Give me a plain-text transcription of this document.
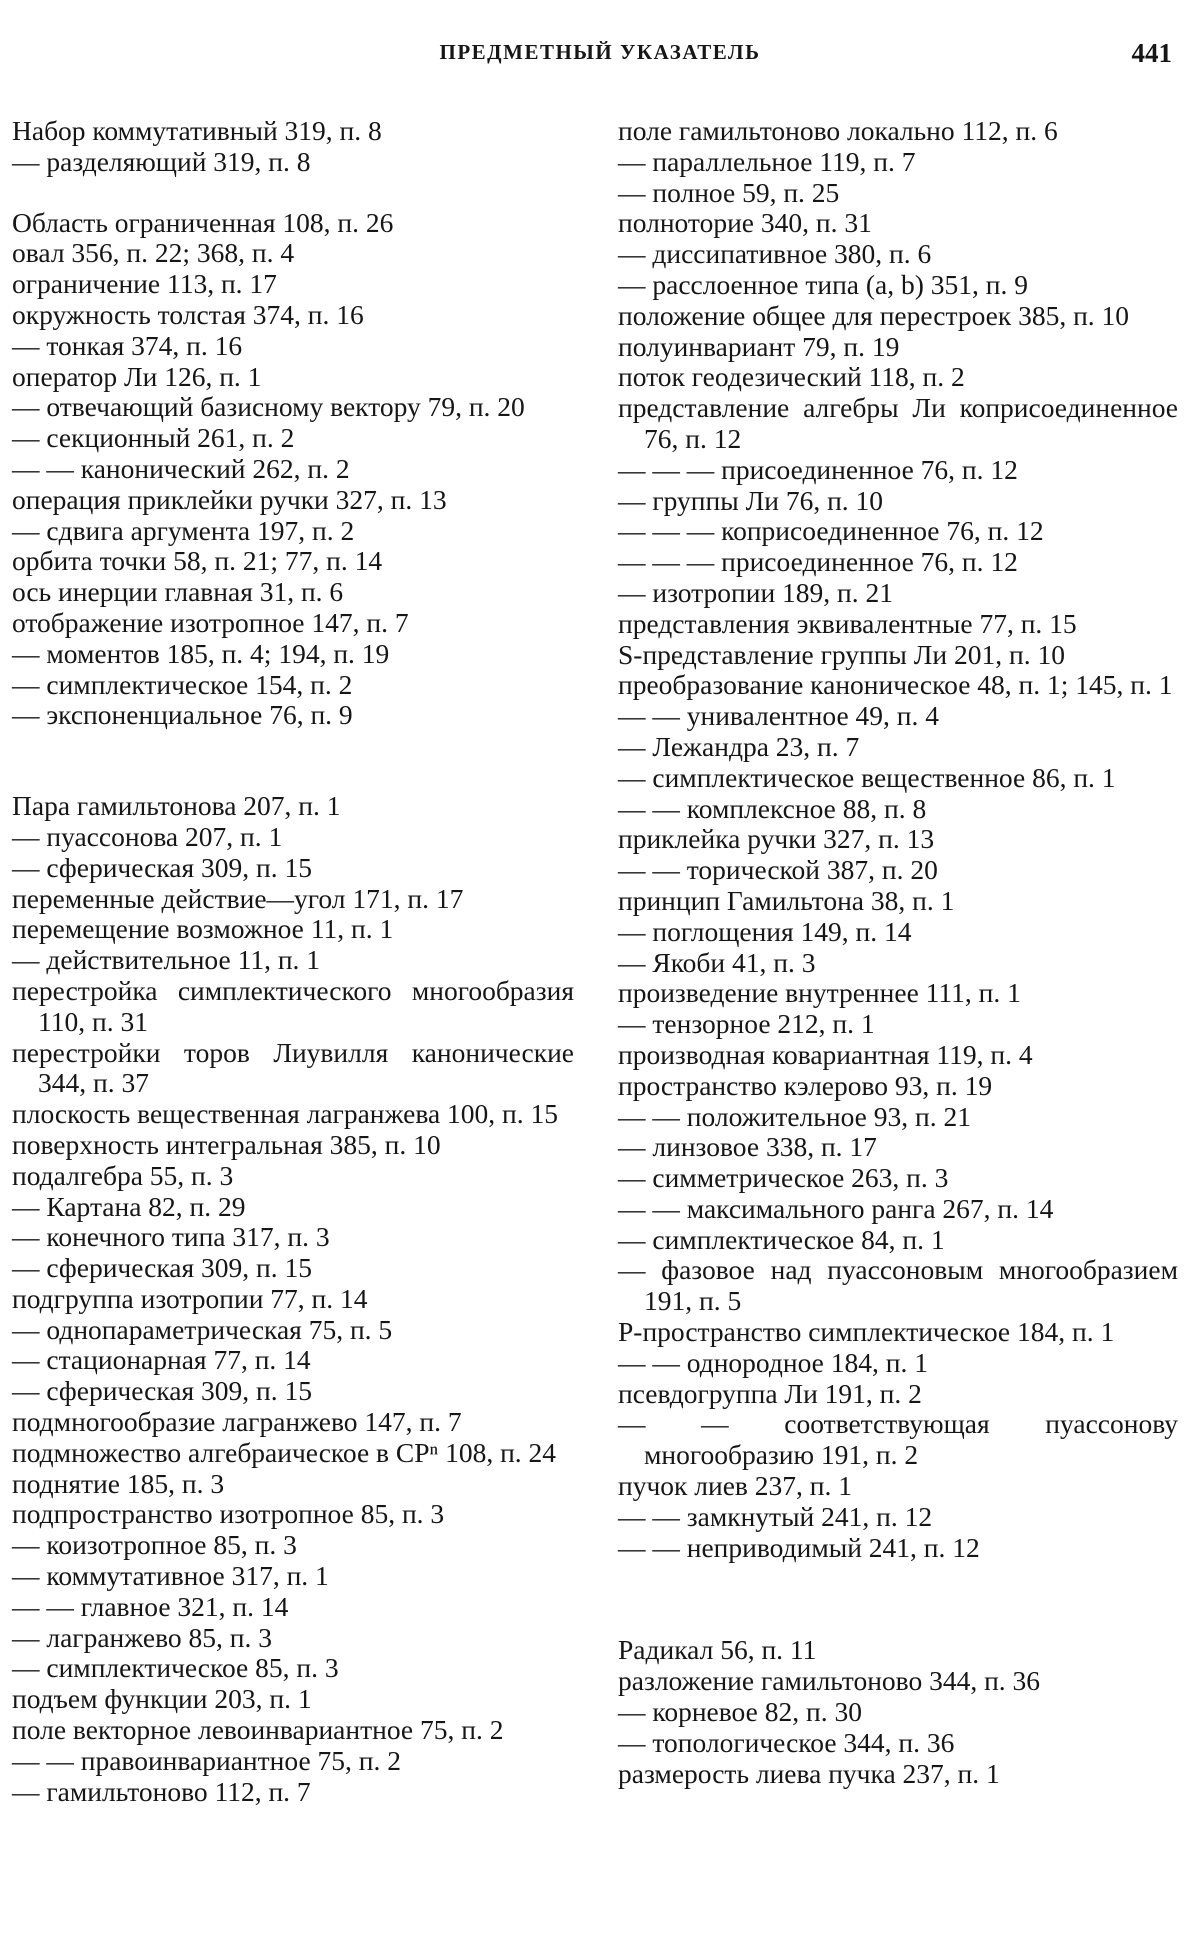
ПРЕДМЕТНЫЙ УКАЗАТЕЛЬ	441
Набор коммутативный 319, п. 8
— разделяющий 319, п. 8
Область ограниченная 108, п. 26
овал 356, п. 22; 368, п. 4
ограничение 113, п. 17
окружность толстая 374, п. 16
— тонкая 374, п. 16
оператор Ли 126, п. 1
— отвечающий базисному вектору 79, п. 20
— секционный 261, п. 2
— — канонический 262, п. 2
операция приклейки ручки 327, п. 13
— сдвига аргумента 197, п. 2
орбита точки 58, п. 21; 77, п. 14
ось инерции главная 31, п. 6
отображение изотропное 147, п. 7
— моментов 185, п. 4; 194, п. 19
— симплектическое 154, п. 2
— экспоненциальное 76, п. 9
Пара гамильтонова 207, п. 1
— пуассонова 207, п. 1
— сферическая 309, п. 15
переменные действие—угол 171, п. 17
перемещение возможное 11, п. 1
— действительное 11, п. 1
перестройка симплектического многообразия 110, п. 31
перестройки торов Лиувилля канонические 344, п. 37
плоскость вещественная лагранжева 100, п. 15
поверхность интегральная 385, п. 10
подалгебра 55, п. 3
— Картана 82, п. 29
— конечного типа 317, п. 3
— сферическая 309, п. 15
подгруппа изотропии 77, п. 14
— однопараметрическая 75, п. 5
— стационарная 77, п. 14
— сферическая 309, п. 15
подмногообразие лагранжево 147, п. 7
подмножество алгебраическое в CPⁿ 108, п. 24
поднятие 185, п. 3
подпространство изотропное 85, п. 3
— коизотропное 85, п. 3
— коммутативное 317, п. 1
— — главное 321, п. 14
— лагранжево 85, п. 3
— симплектическое 85, п. 3
подъем функции 203, п. 1
поле векторное левоинвариантное 75, п. 2
— — правоинвариантное 75, п. 2
— гамильтоново 112, п. 7
поле гамильтоново локально 112, п. 6
— параллельное 119, п. 7
— полное 59, п. 25
полноторие 340, п. 31
— диссипативное 380, п. 6
— расслоенное типа (a, b) 351, п. 9
положение общее для перестроек 385, п. 10
полуинвариант 79, п. 19
поток геодезический 118, п. 2
представление алгебры Ли коприсоединенное 76, п. 12
— — — присоединенное 76, п. 12
— группы Ли 76, п. 10
— — — коприсоединенное 76, п. 12
— — — присоединенное 76, п. 12
— изотропии 189, п. 21
представления эквивалентные 77, п. 15
S-представление группы Ли 201, п. 10
преобразование каноническое 48, п. 1; 145, п. 1
— — унивалентное 49, п. 4
— Лежандра 23, п. 7
— симплектическое вещественное 86, п. 1
— — комплексное 88, п. 8
приклейка ручки 327, п. 13
— — торической 387, п. 20
принцип Гамильтона 38, п. 1
— поглощения 149, п. 14
— Якоби 41, п. 3
произведение внутреннее 111, п. 1
— тензорное 212, п. 1
производная ковариантная 119, п. 4
пространство кэлерово 93, п. 19
— — положительное 93, п. 21
— линзовое 338, п. 17
— симметрическое 263, п. 3
— — максимального ранга 267, п. 14
— симплектическое 84, п. 1
— фазовое над пуассоновым многообразием 191, п. 5
P-пространство симплектическое 184, п. 1
— — однородное 184, п. 1
псевдогруппа Ли 191, п. 2
— — соответствующая пуассонову многообразию 191, п. 2
пучок лиев 237, п. 1
— — замкнутый 241, п. 12
— — неприводимый 241, п. 12
Радикал 56, п. 11
разложение гамильтоново 344, п. 36
— корневое 82, п. 30
— топологическое 344, п. 36
размерость лиева пучка 237, п. 1
